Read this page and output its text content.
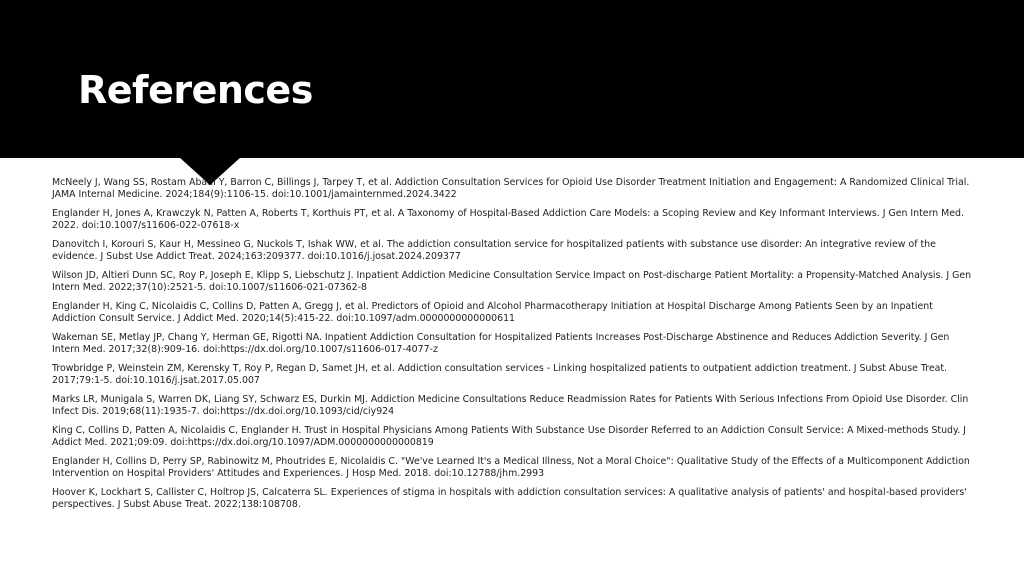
References
McNeely J, Wang SS, Rostam Abadi Y, Barron C, Billings J, Tarpey T, et al. Addiction Consultation Services for Opioid Use Disorder Treatment Initiation and Engagement: A Randomized Clinical Trial. JAMA Internal Medicine. 2024;184(9):1106-15. doi:10.1001/jamainternmed.2024.3422
Englander H, Jones A, Krawczyk N, Patten A, Roberts T, Korthuis PT, et al. A Taxonomy of Hospital-Based Addiction Care Models: a Scoping Review and Key Informant Interviews. J Gen Intern Med. 2022. doi:10.1007/s11606-022-07618-x
Danovitch I, Korouri S, Kaur H, Messineo G, Nuckols T, Ishak WW, et al. The addiction consultation service for hospitalized patients with substance use disorder: An integrative review of the evidence. J Subst Use Addict Treat. 2024;163:209377. doi:10.1016/j.josat.2024.209377
Wilson JD, Altieri Dunn SC, Roy P, Joseph E, Klipp S, Liebschutz J. Inpatient Addiction Medicine Consultation Service Impact on Post-discharge Patient Mortality: a Propensity-Matched Analysis. J Gen Intern Med. 2022;37(10):2521-5. doi:10.1007/s11606-021-07362-8
Englander H, King C, Nicolaidis C, Collins D, Patten A, Gregg J, et al. Predictors of Opioid and Alcohol Pharmacotherapy Initiation at Hospital Discharge Among Patients Seen by an Inpatient Addiction Consult Service. J Addict Med. 2020;14(5):415-22. doi:10.1097/adm.0000000000000611
Wakeman SE, Metlay JP, Chang Y, Herman GE, Rigotti NA. Inpatient Addiction Consultation for Hospitalized Patients Increases Post-Discharge Abstinence and Reduces Addiction Severity. J Gen Intern Med. 2017;32(8):909-16. doi:https://dx.doi.org/10.1007/s11606-017-4077-z
Trowbridge P, Weinstein ZM, Kerensky T, Roy P, Regan D, Samet JH, et al. Addiction consultation services - Linking hospitalized patients to outpatient addiction treatment. J Subst Abuse Treat. 2017;79:1-5. doi:10.1016/j.jsat.2017.05.007
Marks LR, Munigala S, Warren DK, Liang SY, Schwarz ES, Durkin MJ. Addiction Medicine Consultations Reduce Readmission Rates for Patients With Serious Infections From Opioid Use Disorder. Clin Infect Dis. 2019;68(11):1935-7. doi:https://dx.doi.org/10.1093/cid/ciy924
King C, Collins D, Patten A, Nicolaidis C, Englander H. Trust in Hospital Physicians Among Patients With Substance Use Disorder Referred to an Addiction Consult Service: A Mixed-methods Study. J Addict Med. 2021;09:09. doi:https://dx.doi.org/10.1097/ADM.0000000000000819
Englander H, Collins D, Perry SP, Rabinowitz M, Phoutrides E, Nicolaidis C. "We've Learned It's a Medical Illness, Not a Moral Choice": Qualitative Study of the Effects of a Multicomponent Addiction Intervention on Hospital Providers' Attitudes and Experiences. J Hosp Med. 2018. doi:10.12788/jhm.2993
Hoover K, Lockhart S, Callister C, Holtrop JS, Calcaterra SL. Experiences of stigma in hospitals with addiction consultation services: A qualitative analysis of patients' and hospital-based providers' perspectives. J Subst Abuse Treat. 2022;138:108708.
